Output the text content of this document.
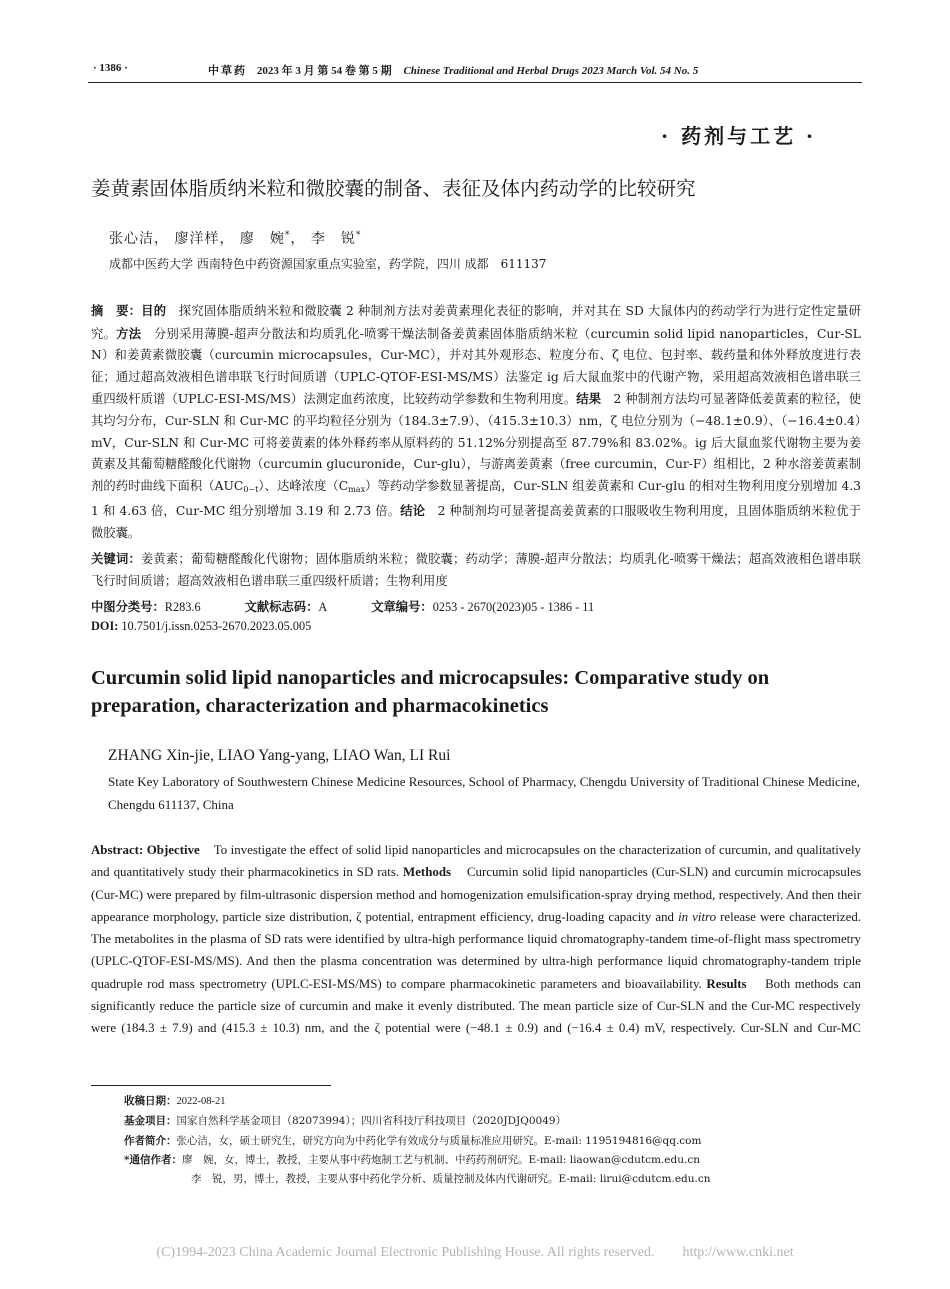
· 1386 ·	中草药 2023 年 3 月 第 54 卷 第 5 期 Chinese Traditional and Herbal Drugs 2023 March Vol. 54 No. 5
· 药剂与工艺 ·
姜黄素固体脂质纳米粒和微胶囊的制备、表征及体内药动学的比较研究
张心洁， 廖洋样， 廖　婉*， 李　锐*
成都中医药大学 西南特色中药资源国家重点实验室，药学院，四川 成都　611137
摘　要：目的　探究固体脂质纳米粒和微胶囊 2 种制剂方法对姜黄素理化表征的影响，并对其在 SD 大鼠体内的药动学行为进行定性定量研究。方法　分别采用薄膜-超声分散法和均质乳化-喷雾干燥法制备姜黄素固体脂质纳米粒（curcumin solid lipid nanoparticles，Cur-SLN）和姜黄素微胶囊（curcumin microcapsules，Cur-MC），并对其外观形态、粒度分布、ζ 电位、包封率、载药量和体外释放度进行表征；通过超高效液相色谱串联飞行时间质谱（UPLC-QTOF-ESI-MS/MS）法鉴定 ig 后大鼠血浆中的代谢产物，采用超高效液相色谱串联三重四级杆质谱（UPLC-ESI-MS/MS）法测定血药浓度，比较药动学参数和生物利用度。结果　2 种制剂方法均可显著降低姜黄素的粒径，使其均匀分布，Cur-SLN 和 Cur-MC 的平均粒径分别为（184.3±7.9）、（415.3±10.3）nm，ζ 电位分别为（−48.1±0.9）、（−16.4±0.4）mV，Cur-SLN 和 Cur-MC 可将姜黄素的体外释药率从原料药的 51.12%分别提高至 87.79%和 83.02%。ig 后大鼠血浆代谢物主要为姜黄素及其葡萄糖醛酸化代谢物（curcumin glucuronide，Cur-glu），与游离姜黄素（free curcumin，Cur-F）组相比，2 种水溶姜黄素制剂的药时曲线下面积$(AUC_{0-t})$、达峰浓度$(C_{max})$等药动学参数显著提高，Cur-SLN 组姜黄素和 Cur-glu 的相对生物利用度分别增加 4.31 和 4.63 倍，Cur-MC 组分别增加 3.19 和 2.73 倍。结论　2 种制剂均可显著提高姜黄素的口服吸收生物利用度，且固体脂质纳米粒优于微胶囊。
关键词：姜黄素；葡萄糖醛酸化代谢物；固体脂质纳米粒；微胶囊；药动学；薄膜-超声分散法；均质乳化-喷雾干燥法；超高效液相色谱串联飞行时间质谱；超高效液相色谱串联三重四级杆质谱；生物利用度
中图分类号：R283.6	文献标志码：A	文章编号：0253 - 2670(2023)05 - 1386 - 11
DOI: 10.7501/j.issn.0253-2670.2023.05.005
Curcumin solid lipid nanoparticles and microcapsules: Comparative study on preparation, characterization and pharmacokinetics
ZHANG Xin-jie, LIAO Yang-yang, LIAO Wan, LI Rui
State Key Laboratory of Southwestern Chinese Medicine Resources, School of Pharmacy, Chengdu University of Traditional Chinese Medicine, Chengdu 611137, China
Abstract: Objective    To investigate the effect of solid lipid nanoparticles and microcapsules on the characterization of curcumin, and qualitatively and quantitatively study their pharmacokinetics in SD rats. Methods    Curcumin solid lipid nanoparticles (Cur-SLN) and curcumin microcapsules (Cur-MC) were prepared by film-ultrasonic dispersion method and homogenization emulsification-spray drying method, respectively. And then their appearance morphology, particle size distribution, ζ potential, entrapment efficiency, drug-loading capacity and in vitro release were characterized. The metabolites in the plasma of SD rats were identified by ultra-high performance liquid chromatography-tandem time-of-flight mass spectrometry (UPLC-QTOF-ESI-MS/MS). And then the plasma concentration was determined by ultra-high performance liquid chromatography-tandem triple quadruple rod mass spectrometry (UPLC-ESI-MS/MS) to compare pharmacokinetic parameters and bioavailability. Results    Both methods can significantly reduce the particle size of curcumin and make it evenly distributed. The mean particle size of Cur-SLN and the Cur-MC respectively were (184.3 ± 7.9) and (415.3 ± 10.3) nm, and the ζ potential were (−48.1 ± 0.9) and (−16.4 ± 0.4) mV, respectively. Cur-SLN and Cur-MC
收稿日期：2022-08-21
基金项目：国家自然科学基金项目（82073994）；四川省科技厅科技项目（2020JDJQ0049）
作者简介：张心洁，女，硕士研究生，研究方向为中药化学有效成分与质量标准应用研究。E-mail: 1195194816@qq.com
*通信作者：廖　婉，女，博士，教授，主要从事中药炮制工艺与机制、中药药剂研究。E-mail: liaowan@cdutcm.edu.cn
李　锐，男，博士，教授，主要从事中药化学分析、质量控制及体内代谢研究。E-mail: lirui@cdutcm.edu.cn
(C)1994-2023 China Academic Journal Electronic Publishing House. All rights reserved.　　http://www.cnki.net
